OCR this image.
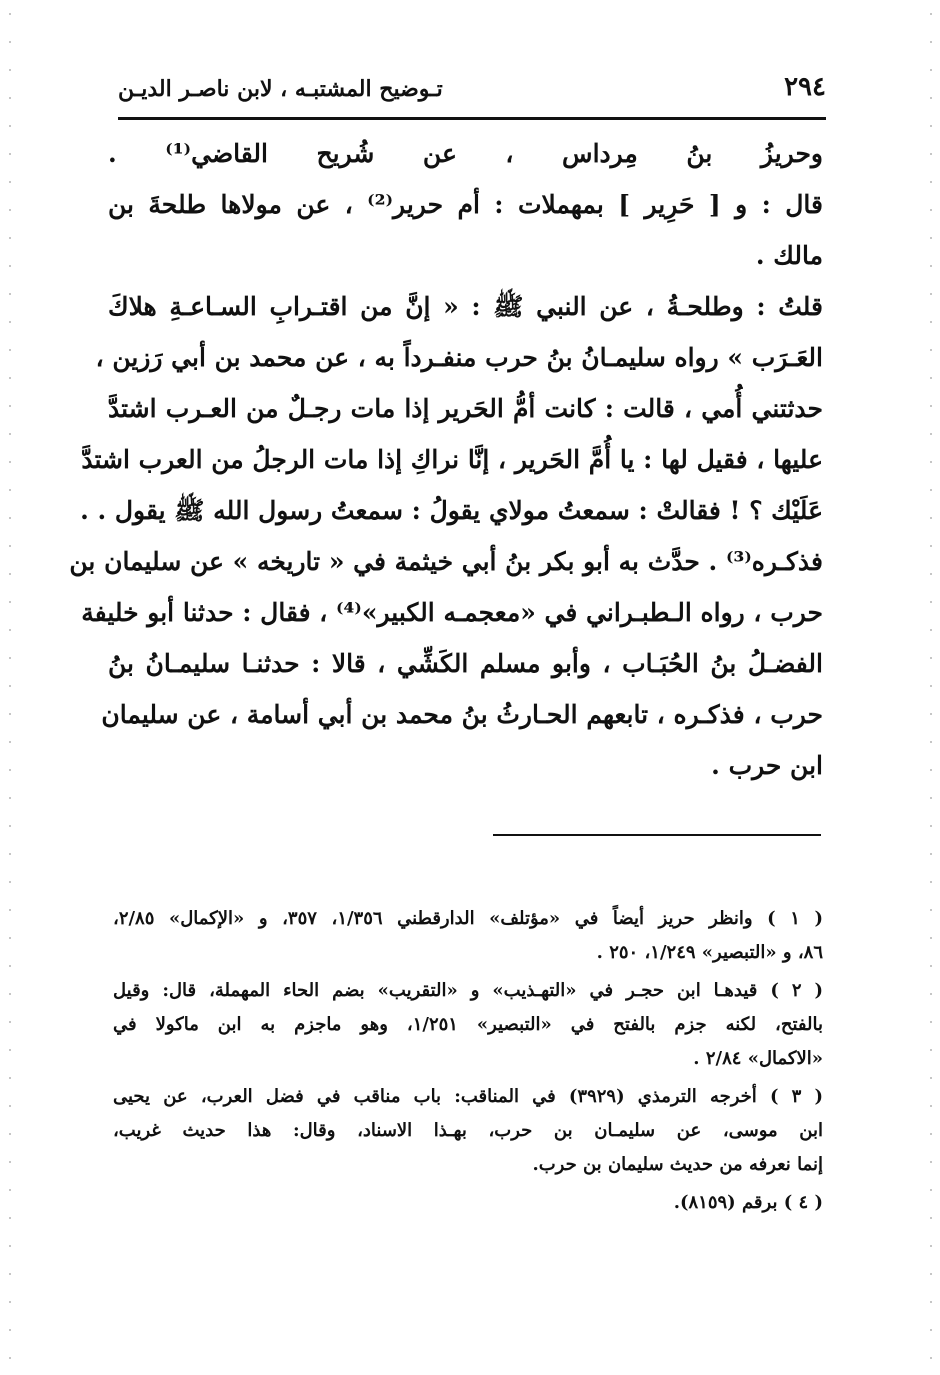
تـوضيح المشتبـه ، لابن ناصـر الديـن	٢٩٤
وحريزُ بنُ مِرداس ، عن شُريح القاضي⁽¹⁾ .
قال : و [ حَرِير ] بمهملات : أم حرير⁽²⁾ ، عن مولاها طلحةَ بن
مالك .
قلتُ : وطلحـةُ ، عن النبي ﷺ : « إنَّ من اقتـرابِ السـاعـةِ هلاكَ
العَـرَب » رواه سليمـانُ بنُ حرب منفـرداً به ، عن محمد بن أبي رَزين ،
حدثتني أُمي ، قالت : كانت أمُّ الحَرير إذا مات رجـلٌ من العـرب اشتدَّ
عليها ، فقيل لها : يا أُمَّ الحَرير ، إنَّا نراكِ إذا مات الرجلُ من العرب اشتدَّ
عَلَيْك ؟ ! فقالتْ : سمعتُ مولاي يقولُ : سمعتُ رسول الله ﷺ يقول . .
فذكـره⁽³⁾ . حدَّث به أبو بكر بنُ أبي خيثمة في « تاريخه » عن سليمان بن
حرب ، رواه الـطبـراني في «معجمـه الكبير»⁽⁴⁾ ، فقال : حدثنا أبو خليفة
الفضـلُ بنُ الحُبَـاب ، وأبو مسلم الكَشِّي ، قالا : حدثنـا سليمـانُ بنُ
حرب ، فذكـره ، تابعهم الحـارثُ بنُ محمد بن أبي أسامة ، عن سليمان
ابن حرب .
( ١ ) وانظر حريز أيضاً في «مؤتلف» الدارقطني ١/٣٥٦، ٣٥٧، و «الإكمال» ٢/٨٥،
٨٦، و «التبصير» ١/٢٤٩، ٢٥٠ .
( ٢ ) قيدهـا ابن حجـر في «التهـذيب» و «التقريب» بضم الحاء المهملة، قال: وقيل
بالفتح، لكنه جزم بالفتح في «التبصير» ١/٢٥١، وهو ماجزم به ابن ماكولا في
«الاكمال» ٢/٨٤ .
( ٣ ) أخرجه الترمذي (٣٩٢٩) في المناقب: باب مناقب في فضل العرب، عن يحيى
ابن موسى، عن سليمـان بن حرب، بهـذا الاسناد، وقال: هذا حديث غريب،
إنما نعرفه من حديث سليمان بن حرب.
( ٤ ) برقم (٨١٥٩).
